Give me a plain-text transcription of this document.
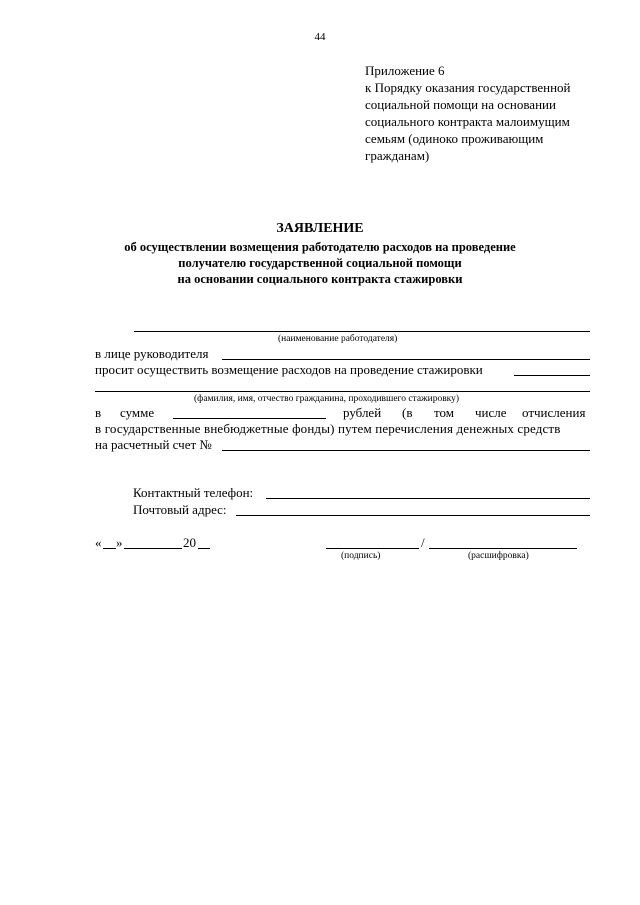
44
Приложение 6
к Порядку оказания государственной
социальной помощи на основании
социального контракта малоимущим
семьям (одиноко проживающим
гражданам)
ЗАЯВЛЕНИЕ
об осуществлении возмещения работодателю расходов на проведение
получателю государственной социальной помощи
на основании социального контракта стажировки
(наименование работодателя)
в лице руководителя
просит осуществить возмещение расходов на проведение стажировки
(фамилия, имя, отчество гражданина, проходившего стажировку)
в сумме	рублей (в том числе отчисления
в государственные внебюджетные фонды) путем перечисления денежных средств
на расчетный счет №
Контактный телефон:
Почтовый адрес:
« »	20	/
(подпись)	(расшифровка)
